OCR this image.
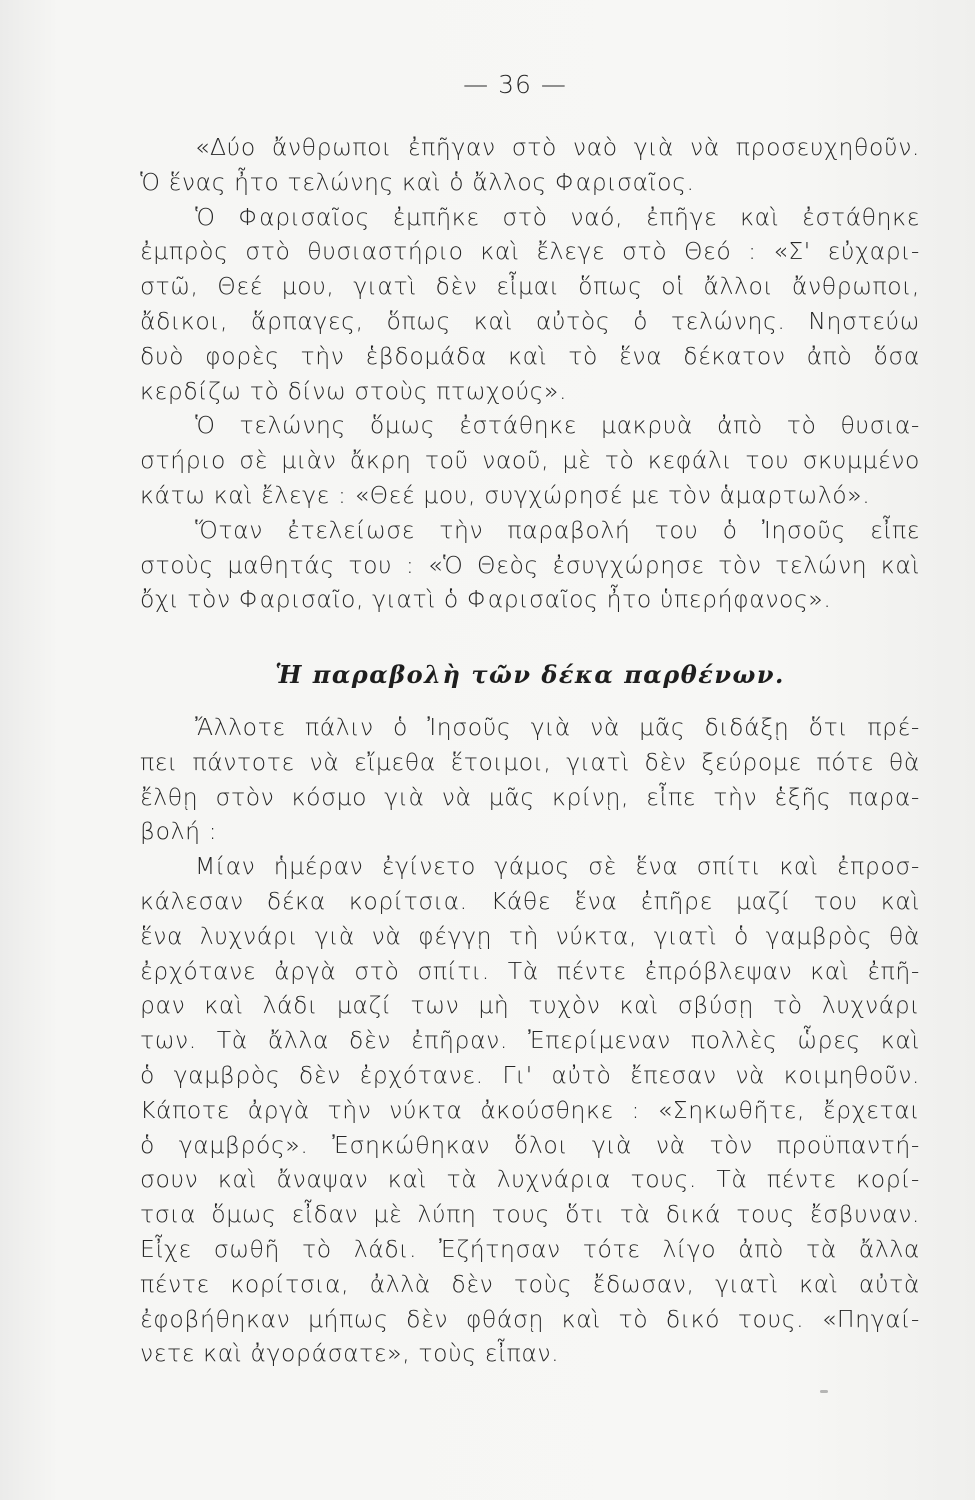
— 36 —
«Δύο ἄνθρωποι ἐπῆγαν στὸ ναὸ γιὰ νὰ προσευχηθοῦν.
Ὁ ἕνας ἦτο τελώνης καὶ ὁ ἄλλος Φαρισαῖος.
Ὁ Φαρισαῖος ἐμπῆκε στὸ ναό, ἐπῆγε καὶ ἐστάθηκε
ἐμπρὸς στὸ θυσιαστήριο καὶ ἔλεγε στὸ Θεό : «Σ' εὐχαρι-
στῶ, Θεέ μου, γιατὶ δὲν εἶμαι ὅπως οἱ ἄλλοι ἄνθρωποι,
ἄδικοι, ἅρπαγες, ὅπως καὶ αὐτὸς ὁ τελώνης. Νηστεύω
δυὸ φορὲς τὴν ἑβδομάδα καὶ τὸ ἕνα δέκατον ἀπὸ ὅσα
κερδίζω τὸ δίνω στοὺς πτωχούς».
Ὁ τελώνης ὅμως ἐστάθηκε μακρυὰ ἀπὸ τὸ θυσια-
στήριο σὲ μιὰν ἄκρη τοῦ ναοῦ, μὲ τὸ κεφάλι του σκυμμένο
κάτω καὶ ἔλεγε : «Θεέ μου, συγχώρησέ με τὸν ἁμαρτωλό».
Ὅταν ἐτελείωσε τὴν παραβολή του ὁ Ἰησοῦς εἶπε
στοὺς μαθητάς του : «Ὁ Θεὸς ἐσυγχώρησε τὸν τελώνη καὶ
ὄχι τὸν Φαρισαῖο, γιατὶ ὁ Φαρισαῖος ἦτο ὑπερήφανος».
Ἡ παραβολὴ τῶν δέκα παρθένων.
Ἄλλοτε πάλιν ὁ Ἰησοῦς γιὰ νὰ μᾶς διδάξῃ ὅτι πρέ-
πει πάντοτε νὰ εἴμεθα ἕτοιμοι, γιατὶ δὲν ξεύρομε πότε θὰ
ἔλθῃ στὸν κόσμο γιὰ νὰ μᾶς κρίνῃ, εἶπε τὴν ἑξῆς παρα-
βολή :
Μίαν ἡμέραν ἐγίνετο γάμος σὲ ἕνα σπίτι καὶ ἐπροσ-
κάλεσαν δέκα κορίτσια. Κάθε ἕνα ἐπῆρε μαζί του καὶ
ἕνα λυχνάρι γιὰ νὰ φέγγῃ τὴ νύκτα, γιατὶ ὁ γαμβρὸς θὰ
ἐρχότανε ἀργὰ στὸ σπίτι. Τὰ πέντε ἐπρόβλεψαν καὶ ἐπῆ-
ραν καὶ λάδι μαζί των μὴ τυχὸν καὶ σβύσῃ τὸ λυχνάρι
των. Τὰ ἄλλα δὲν ἐπῆραν. Ἐπερίμεναν πολλὲς ὧρες καὶ
ὁ γαμβρὸς δὲν ἐρχότανε. Γι' αὐτὸ ἔπεσαν νὰ κοιμηθοῦν.
Κάποτε ἀργὰ τὴν νύκτα ἀκούσθηκε : «Σηκωθῆτε, ἔρχεται
ὁ γαμβρός». Ἐσηκώθηκαν ὅλοι γιὰ νὰ τὸν προϋπαντή-
σουν καὶ ἄναψαν καὶ τὰ λυχνάρια τους. Τὰ πέντε κορί-
τσια ὅμως εἶδαν μὲ λύπη τους ὅτι τὰ δικά τους ἔσβυναν.
Εἶχε σωθῆ τὸ λάδι. Ἐζήτησαν τότε λίγο ἀπὸ τὰ ἄλλα
πέντε κορίτσια, ἀλλὰ δὲν τοὺς ἔδωσαν, γιατὶ καὶ αὐτὰ
ἐφοβήθηκαν μήπως δὲν φθάσῃ καὶ τὸ δικό τους. «Πηγαί-
νετε καὶ ἀγοράσατε», τοὺς εἶπαν.
